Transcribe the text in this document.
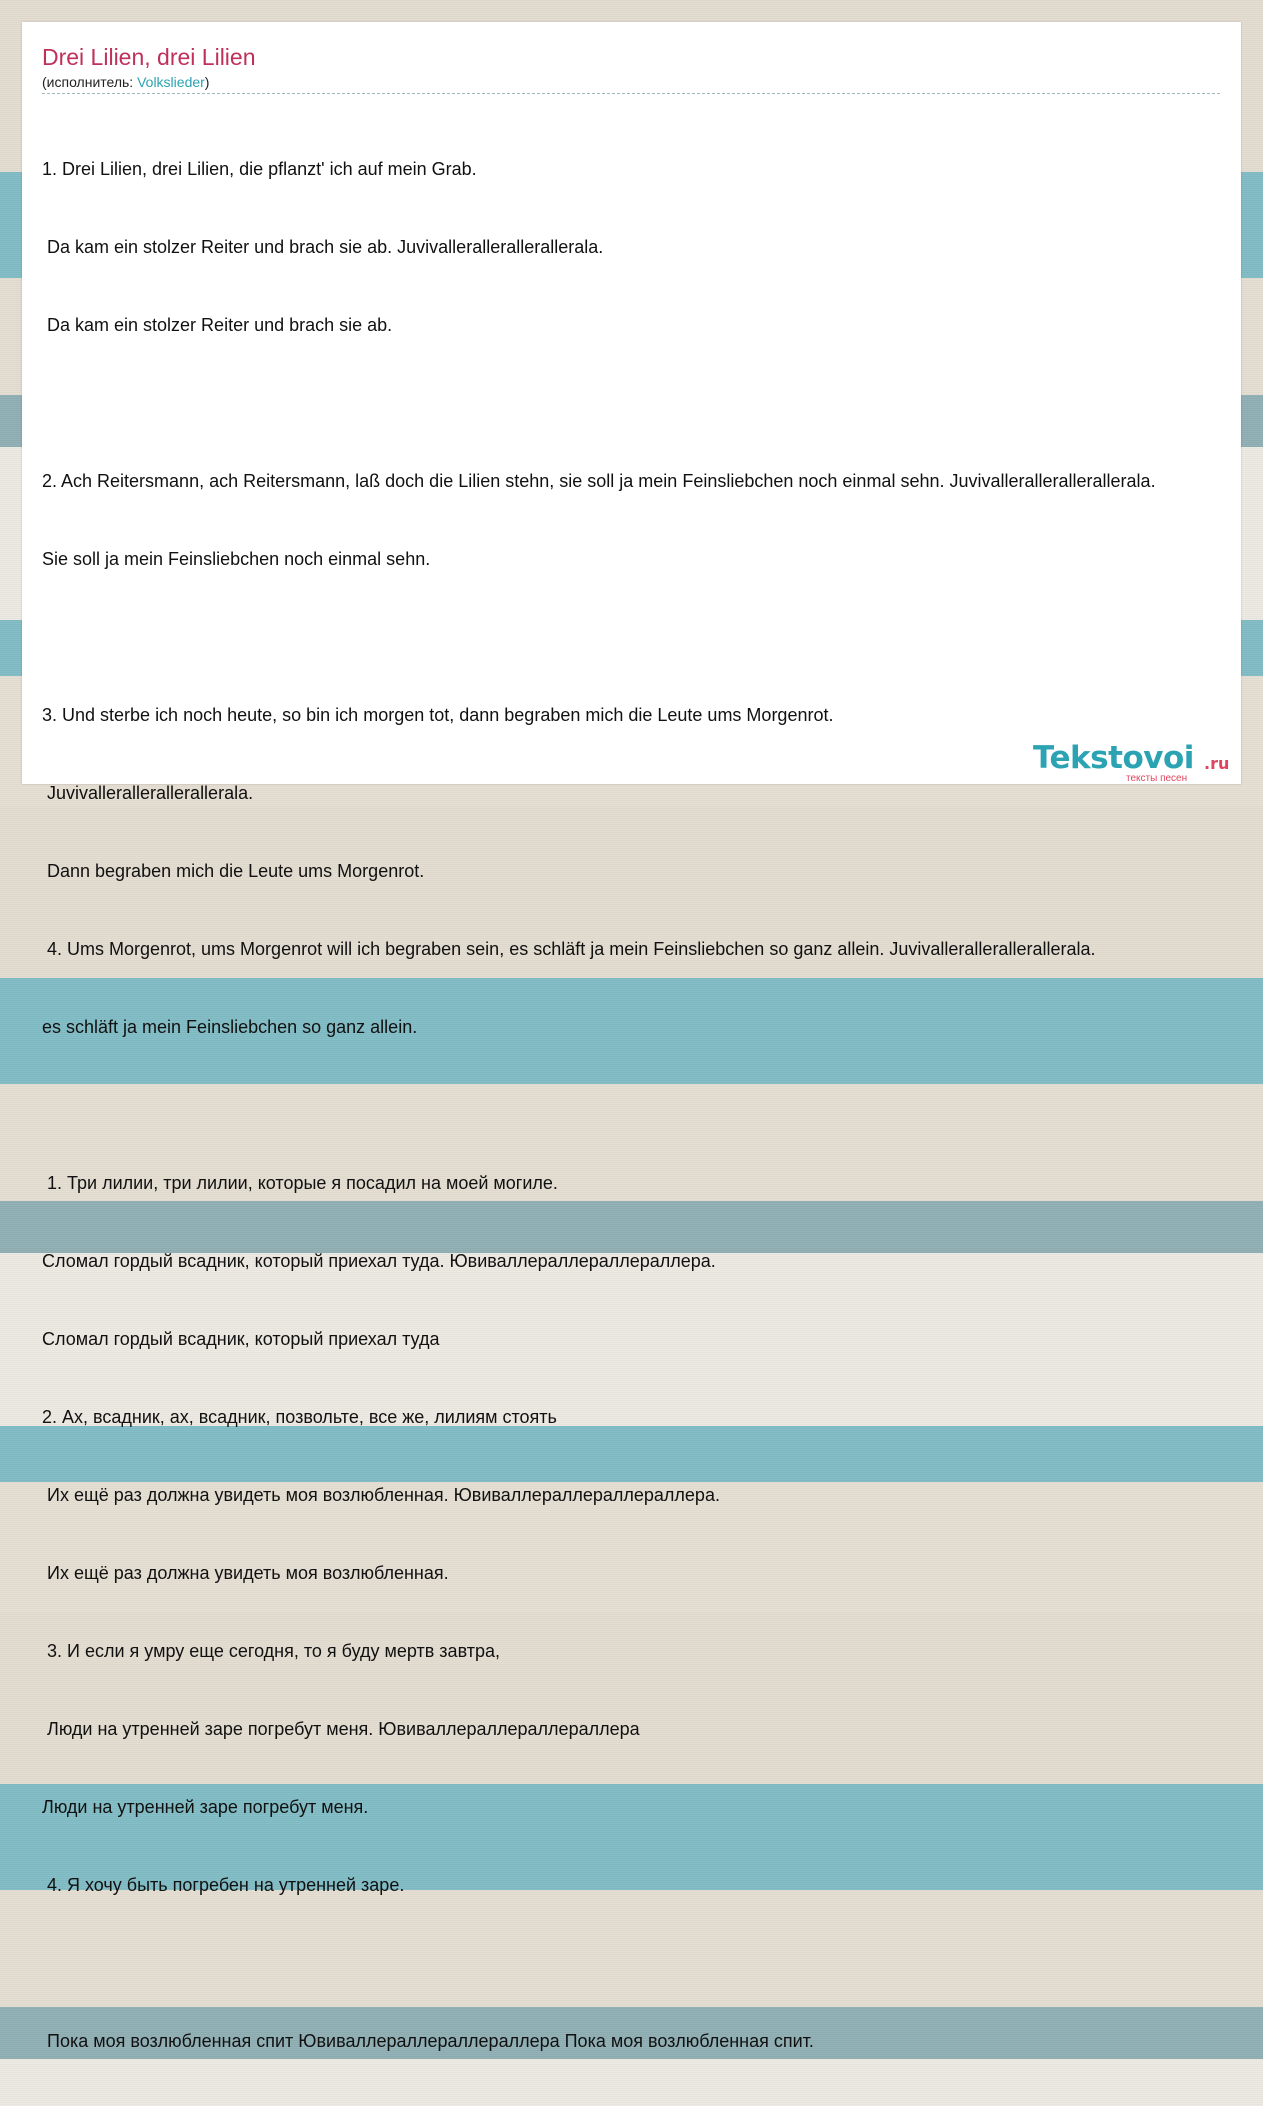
Drei Lilien, drei Lilien
(исполнитель: Volkslieder)

1. Drei Lilien, drei Lilien, die pflanzt' ich auf mein Grab.

Da kam ein stolzer Reiter und brach sie ab. Juvivallerallerallerallerala.

Da kam ein stolzer Reiter und brach sie ab.

2. Ach Reitersmann, ach Reitersmann, laß doch die Lilien stehn, sie soll ja mein Feinsliebchen noch einmal sehn. Juvivallerallerallerallerala.

Sie soll ja mein Feinsliebchen noch einmal sehn.

3. Und sterbe ich noch heute, so bin ich morgen tot, dann begraben mich die Leute ums Morgenrot.

Juvivallerallerallerallerala.

Dann begraben mich die Leute ums Morgenrot.

4. Ums Morgenrot, ums Morgenrot will ich begraben sein, es schläft ja mein Feinsliebchen so ganz allein. Juvivallerallerallerallerala.

es schläft ja mein Feinsliebchen so ganz allein.

1. Три лилии, три лилии, которые я посадил на моей могиле.

Сломал гордый всадник, который приехал туда. Ювиваллераллераллераллера.

Сломал гордый всадник, который приехал туда

2. Ах, всадник, ах, всадник, позвольте, все же, лилиям стоять

Их ещё раз должна увидеть моя возлюбленная. Ювиваллераллераллераллера.

Их ещё раз должна увидеть моя возлюбленная.

3. И если я умру еще сегодня, то я буду мертв завтра,

Люди на утренней заре погребут меня. Ювиваллераллераллераллера

Люди на утренней заре погребут меня.

4. Я хочу быть погребен на утренней заре.

Пока моя возлюбленная спит Ювиваллераллераллераллера Пока моя возлюбленная спит.

Tekstovoi .ru
тексты песен
